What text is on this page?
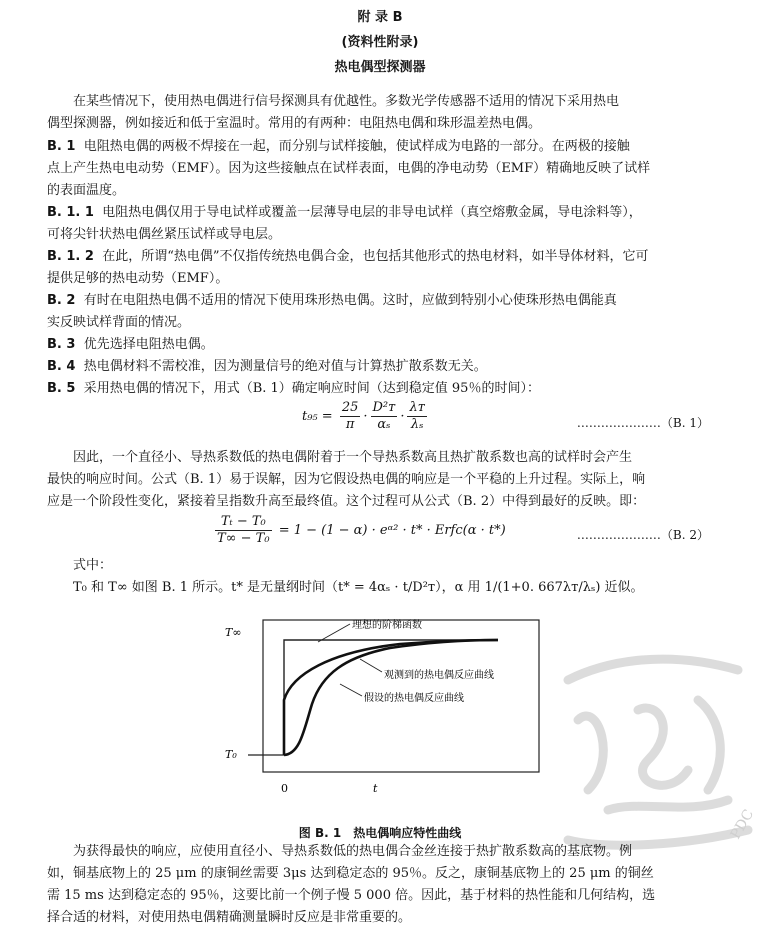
附 录 B
(资料性附录)
热电偶型探测器
在某些情况下，使用热电偶进行信号探测具有优越性。多数光学传感器不适用的情况下采用热电
偶型探测器，例如接近和低于室温时。常用的有两种：电阻热电偶和珠形温差热电偶。
B. 1 电阻热电偶的两极不焊接在一起，而分别与试样接触，使试样成为电路的一部分。在两极的接触
点上产生热电电动势（EMF）。因为这些接触点在试样表面，电偶的净电动势（EMF）精确地反映了试样
的表面温度。
B. 1. 1 电阻热电偶仅用于导电试样或覆盖一层薄导电层的非导电试样（真空熔敷金属，导电涂料等），
可将尖针状热电偶丝紧压试样或导电层。
B. 1. 2 在此，所谓“热电偶”不仅指传统热电偶合金，也包括其他形式的热电材料，如半导体材料，它可
提供足够的热电动势（EMF）。
B. 2 有时在电阻热电偶不适用的情况下使用珠形热电偶。这时，应做到特别小心使珠形热电偶能真
实反映试样背面的情况。
B. 3 优先选择电阻热电偶。
B. 4 热电偶材料不需校准，因为测量信号的绝对值与计算热扩散系数无关。
B. 5 采用热电偶的情况下，用式（B. 1）确定响应时间（达到稳定值 95％的时间）：
$t_{95} = \frac{25}{\pi} \cdot \frac{\text{D²ᴛ}}{\text{αₛ}} \cdot \frac{\text{λᴛ}}{\text{λₛ}}$	…………………（B. 1）
因此，一个直径小、导热系数低的热电偶附着于一个导热系数高且热扩散系数也高的试样时会产生
最快的响应时间。公式（B. 1）易于误解，因为它假设热电偶的响应是一个平稳的上升过程。实际上，响
应是一个阶段性变化，紧接着呈指数升高至最终值。这个过程可从公式（B. 2）中得到最好的反映。即：
$\frac{\text{Tₜ − T₀}}{\text{T∞ − T₀}} = 1 - (1 - \alpha)$ · eᵅ² · t* · Erfc(α · t*)	…………………（B. 2）
式中：
T₀ 和 T∞ 如图 B. 1 所示。t* 是无量纲时间（t* = 4αₛ · t/D²ᴛ），α 用 1/(1+0. 667λᴛ/λₛ) 近似。
T∞
T₀
0	t
理想的阶梯函数
观测到的热电偶反应曲线
假设的热电偶反应曲线
图 B. 1　热电偶响应特性曲线	PDC
为获得最快的响应，应使用直径小、导热系数低的热电偶合金丝连接于热扩散系数高的基底物。例
如，铜基底物上的 25 μm 的康铜丝需要 3μs 达到稳定态的 95％。反之，康铜基底物上的 25 μm 的铜丝
需 15 ms 达到稳定态的 95％，这要比前一个例子慢 5 000 倍。因此，基于材料的热性能和几何结构，选
择合适的材料，对使用热电偶精确测量瞬时反应是非常重要的。
